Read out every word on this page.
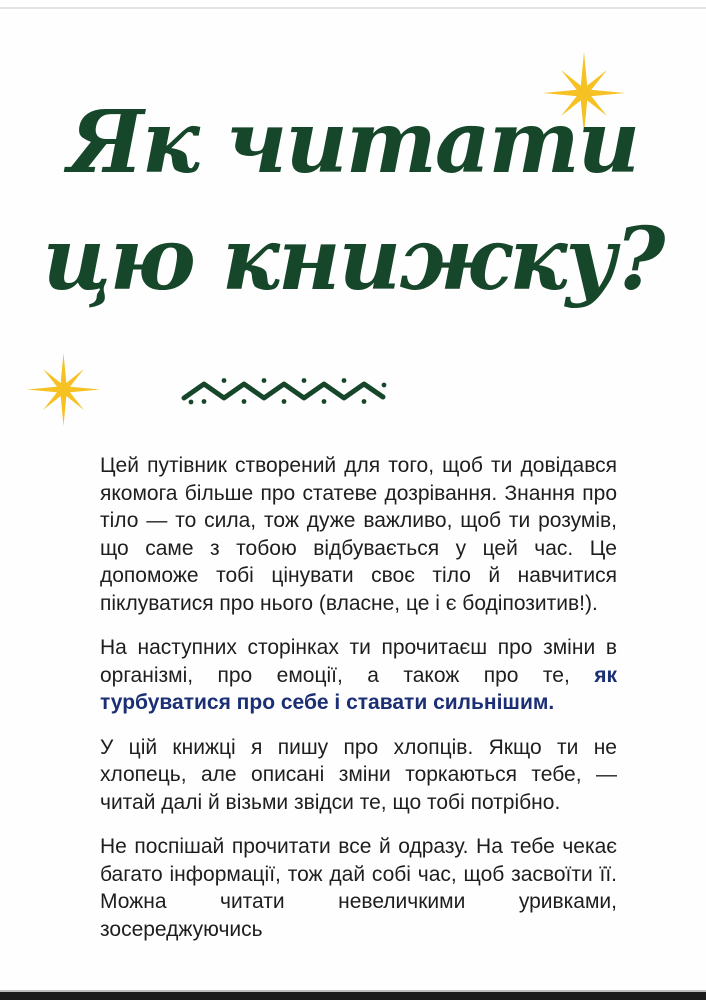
Як читати
цю книжку?

Цей путівник створений для того, щоб ти довідався якомога більше про статеве дозрівання. Знання про тіло — то сила, тож дуже важливо, щоб ти розумів, що саме з тобою відбувається у цей час. Це допоможе тобі цінувати своє тіло й навчитися піклуватися про нього (власне, це і є бодіпозитив!).

На наступних сторінках ти прочитаєш про зміни в організмі, про емоції, а також про те, як турбуватися про себе і ставати сильнішим.

У цій книжці я пишу про хлопців. Якщо ти не хлопець, але описані зміни торкаються тебе, — читай далі й візьми звідси те, що тобі потрібно.

Не поспішай прочитати все й одразу. На тебе чекає багато інформації, тож дай собі час, щоб засвоїти її. Можна читати невеличкими уривками, зосереджуючись
